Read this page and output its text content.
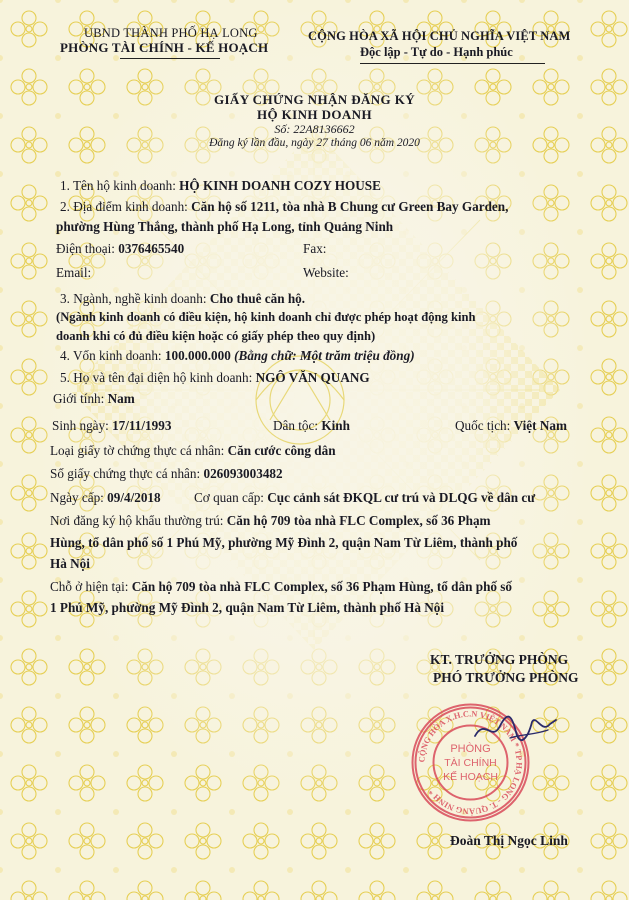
UBND THÀNH PHỐ HẠ LONG
PHÒNG TÀI CHÍNH - KẾ HOẠCH
CỘNG HÒA XÃ HỘI CHỦ NGHĨA VIỆT NAM
Độc lập - Tự do - Hạnh phúc
GIẤY CHỨNG NHẬN ĐĂNG KÝ
HỘ KINH DOANH
Số: 22A8136662
Đăng ký lần đầu, ngày 27 tháng 06 năm 2020
1. Tên hộ kinh doanh: HỘ KINH DOANH COZY HOUSE
2. Địa điểm kinh doanh: Căn hộ số 1211, tòa nhà B Chung cư Green Bay Garden,
phường Hùng Thắng, thành phố Hạ Long, tỉnh Quảng Ninh
Điện thoại: 0376465540	Fax:
Email:	Website:
3. Ngành, nghề kinh doanh: Cho thuê căn hộ.
(Ngành kinh doanh có điều kiện, hộ kinh doanh chỉ được phép hoạt động kinh
doanh khi có đủ điều kiện hoặc có giấy phép theo quy định)
4. Vốn kinh doanh: 100.000.000 (Bằng chữ: Một trăm triệu đồng)
5. Họ và tên đại diện hộ kinh doanh: NGÔ VĂN QUANG
Giới tính: Nam
Sinh ngày: 17/11/1993	Dân tộc: Kinh	Quốc tịch: Việt Nam
Loại giấy tờ chứng thực cá nhân: Căn cước công dân
Số giấy chứng thực cá nhân: 026093003482
Ngày cấp: 09/4/2018	Cơ quan cấp: Cục cảnh sát ĐKQL cư trú và DLQG về dân cư
Nơi đăng ký hộ khẩu thường trú: Căn hộ 709 tòa nhà FLC Complex, số 36 Phạm
Hùng, tổ dân phố số 1 Phú Mỹ, phường Mỹ Đình 2, quận Nam Từ Liêm, thành phố
Hà Nội
Chỗ ở hiện tại: Căn hộ 709 tòa nhà FLC Complex, số 36 Phạm Hùng, tổ dân phố số
1 Phú Mỹ, phường Mỹ Đình 2, quận Nam Từ Liêm, thành phố Hà Nội
KT. TRƯỞNG PHÒNG
PHÓ TRƯỞNG PHÒNG
CỘNG HÒA X.H.C.N VIỆT NAM * TP HẠ LONG - T. QUẢNG NINH *
PHÒNG
TÀI CHÍNH
KẾ HOẠCH
Đoàn Thị Ngọc Linh
